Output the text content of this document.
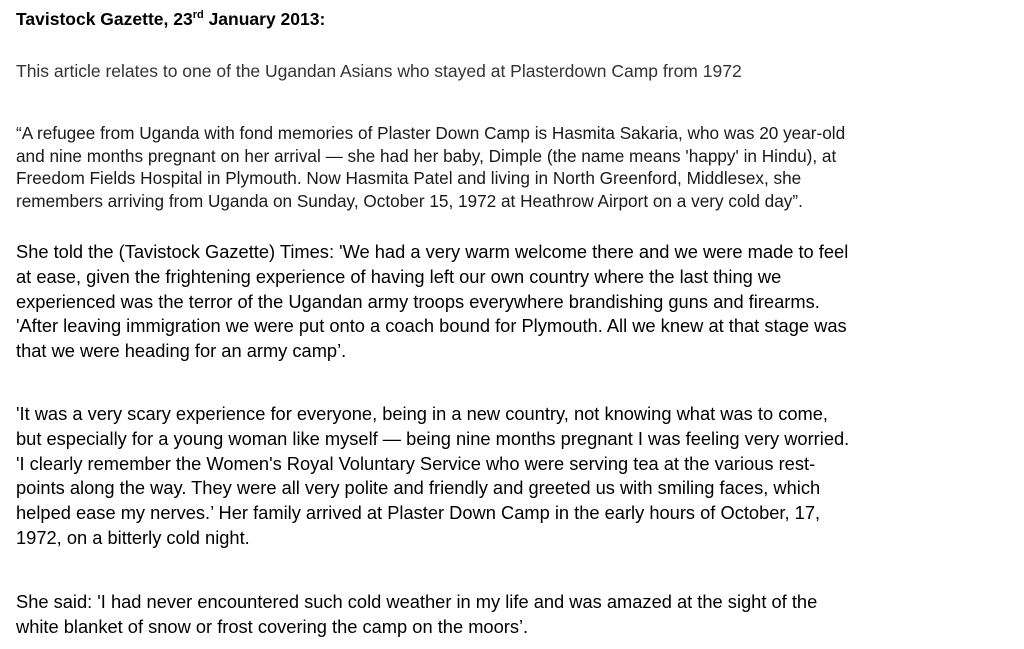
Tavistock Gazette, 23rd January 2013:

This article relates to one of the Ugandan Asians who stayed at Plasterdown Camp from 1972

“A refugee from Uganda with fond memories of Plaster Down Camp is Hasmita Sakaria, who was 20 year-old
and nine months pregnant on her arrival — she had her baby, Dimple (the name means 'happy' in Hindu), at
Freedom Fields Hospital in Plymouth. Now Hasmita Patel and living in North Greenford, Middlesex, she
remembers arriving from Uganda on Sunday, October 15, 1972 at Heathrow Airport on a very cold day”.

She told the (Tavistock Gazette) Times: 'We had a very warm welcome there and we were made to feel
at ease, given the frightening experience of having left our own country where the last thing we
experienced was the terror of the Ugandan army troops everywhere brandishing guns and firearms.
'After leaving immigration we were put onto a coach bound for Plymouth. All we knew at that stage was
that we were heading for an army camp’.

'It was a very scary experience for everyone, being in a new country, not knowing what was to come,
but especially for a young woman like myself — being nine months pregnant I was feeling very worried.
'I clearly remember the Women's Royal Voluntary Service who were serving tea at the various rest-
points along the way. They were all very polite and friendly and greeted us with smiling faces, which
helped ease my nerves.’ Her family arrived at Plaster Down Camp in the early hours of October, 17,
1972, on a bitterly cold night.

She said: 'I had never encountered such cold weather in my life and was amazed at the sight of the
white blanket of snow or frost covering the camp on the moors’.
